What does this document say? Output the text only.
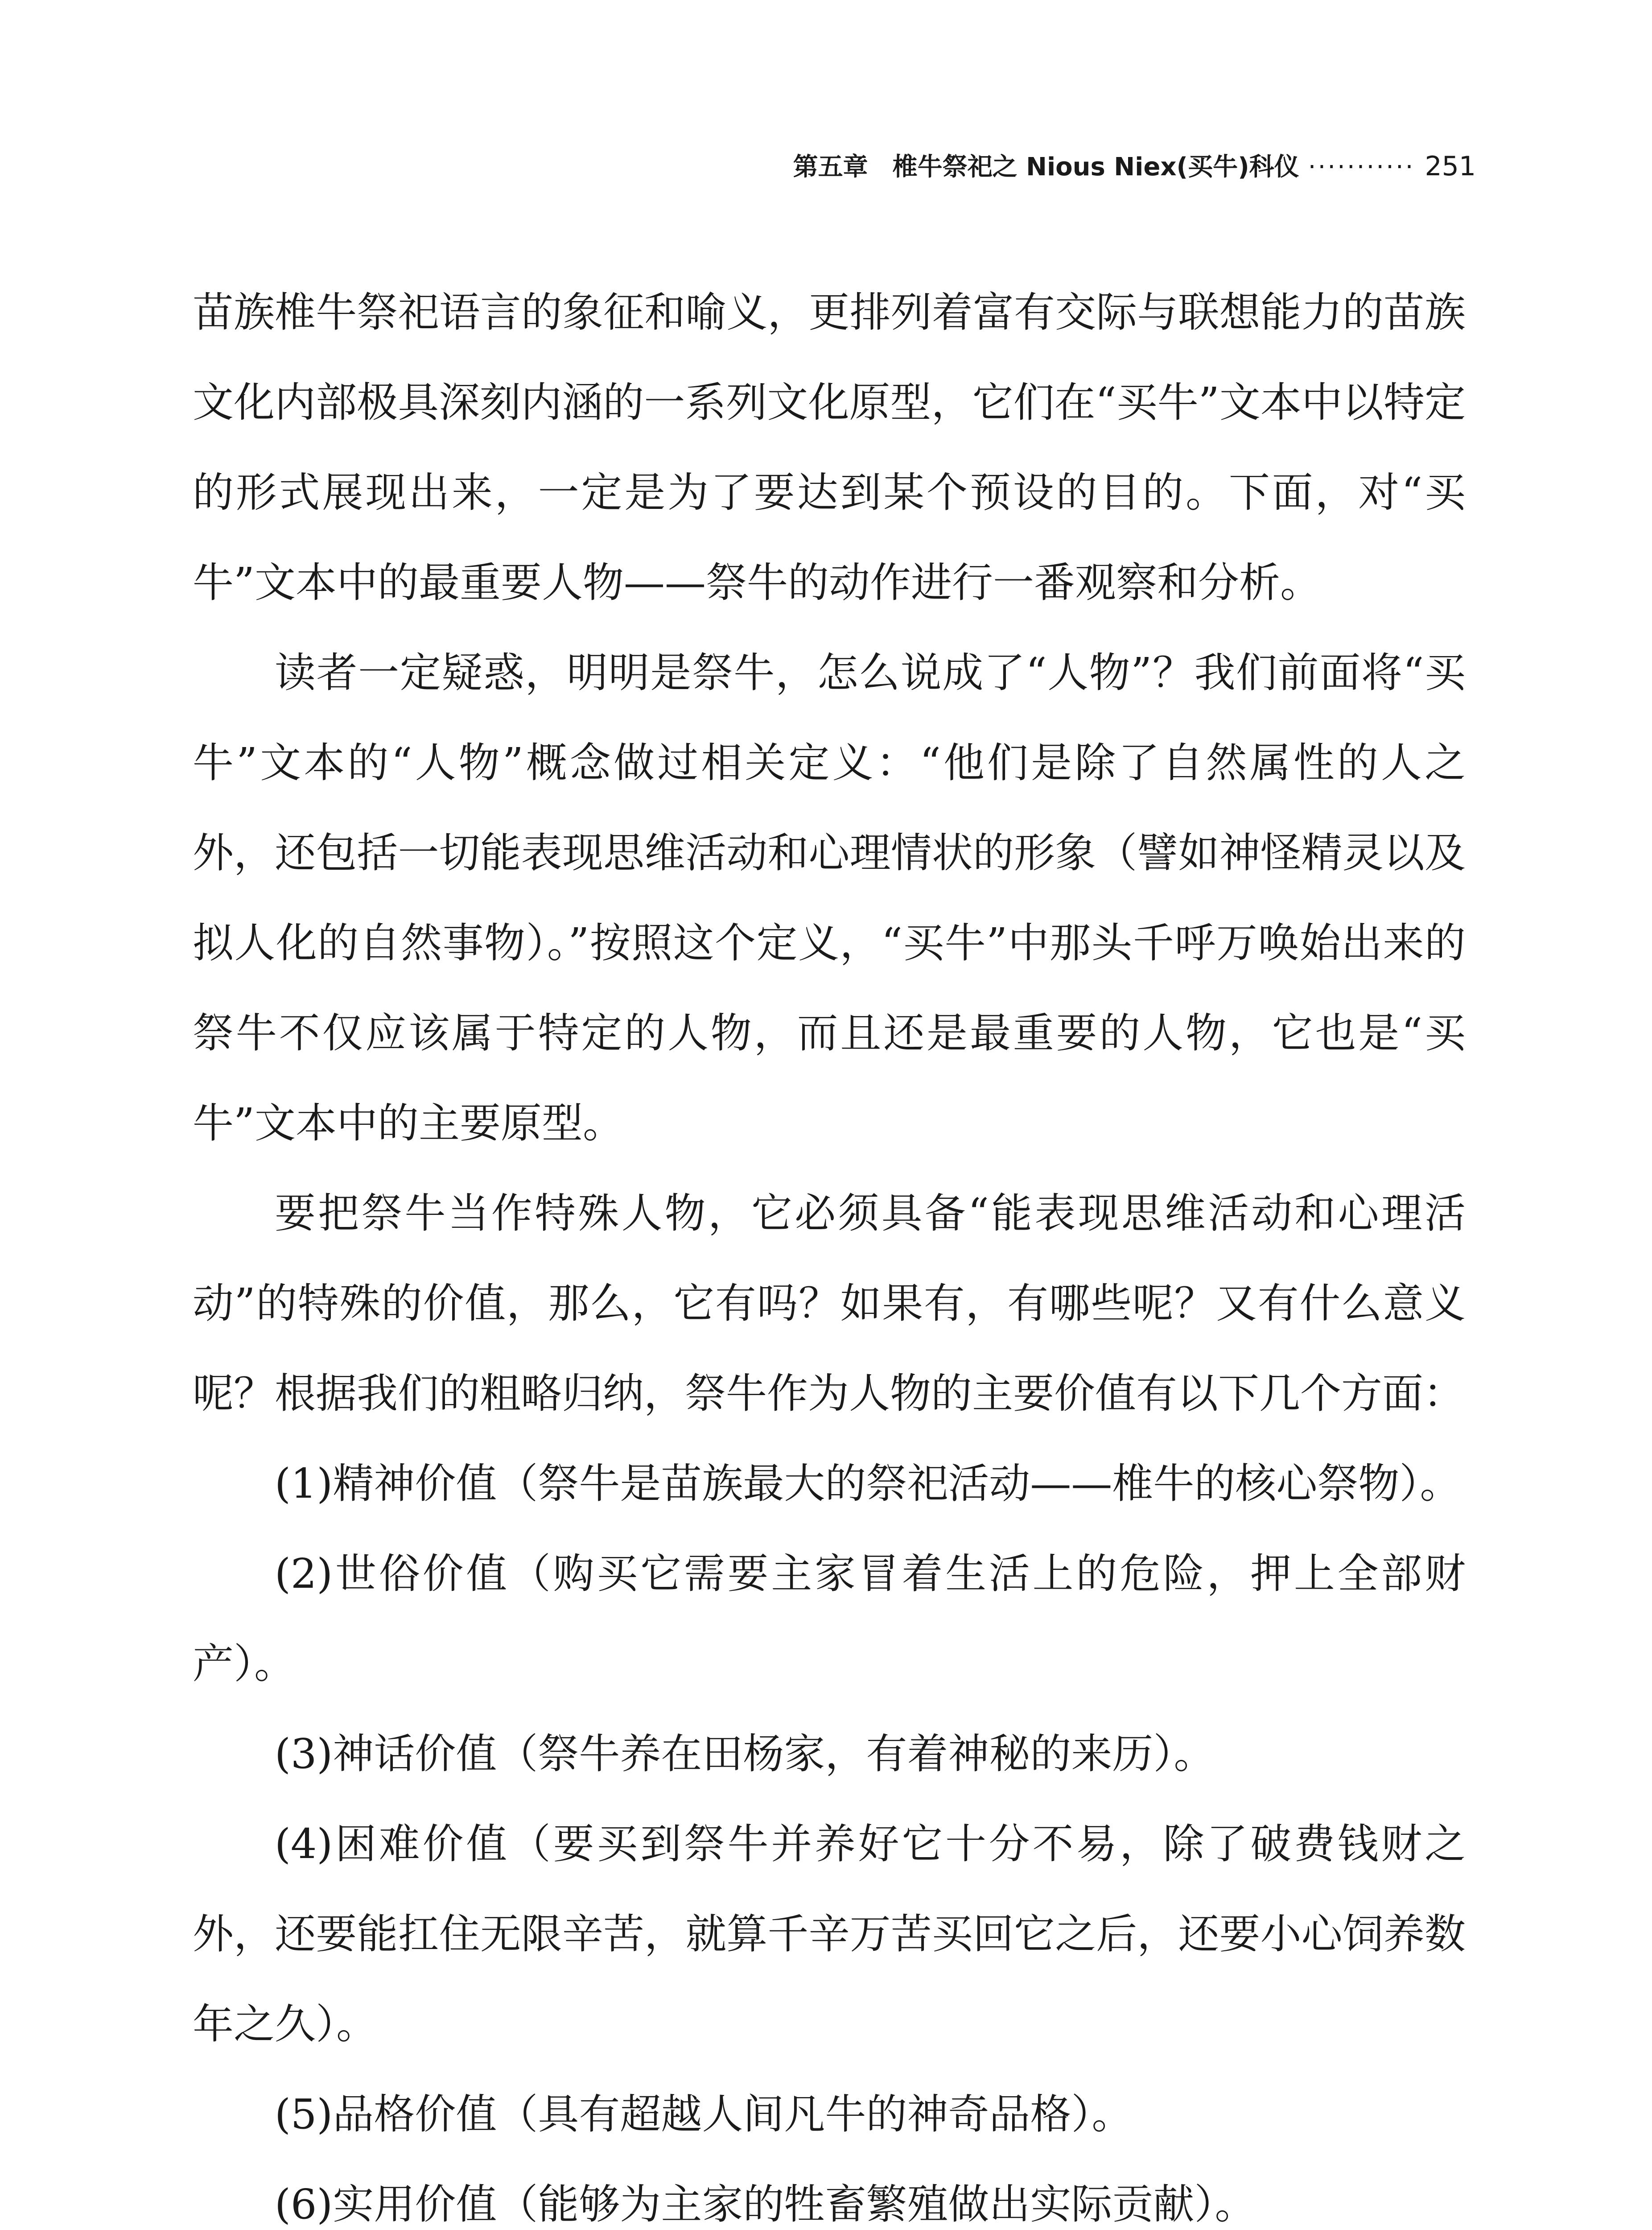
第五章 椎牛祭祀之 Nious Niex(买牛)科仪 ··········· 251

苗族椎牛祭祀语言的象征和喻义，更排列着富有交际与联想能力的苗族文化内部极具深刻内涵的一系列文化原型，它们在“买牛”文本中以特定的形式展现出来，一定是为了要达到某个预设的目的。下面，对“买牛”文本中的最重要人物——祭牛的动作进行一番观察和分析。

读者一定疑惑，明明是祭牛，怎么说成了“人物”？我们前面将“买牛”文本的“人物”概念做过相关定义：“他们是除了自然属性的人之外，还包括一切能表现思维活动和心理情状的形象（譬如神怪精灵以及拟人化的自然事物）。”按照这个定义，“买牛”中那头千呼万唤始出来的祭牛不仅应该属于特定的人物，而且还是最重要的人物，它也是“买牛”文本中的主要原型。

要把祭牛当作特殊人物，它必须具备“能表现思维活动和心理活动”的特殊的价值，那么，它有吗？如果有，有哪些呢？又有什么意义呢？根据我们的粗略归纳，祭牛作为人物的主要价值有以下几个方面：

(1)精神价值（祭牛是苗族最大的祭祀活动——椎牛的核心祭物）。

(2)世俗价值（购买它需要主家冒着生活上的危险，押上全部财产）。

(3)神话价值（祭牛养在田杨家，有着神秘的来历）。

(4)困难价值（要买到祭牛并养好它十分不易，除了破费钱财之外，还要能扛住无限辛苦，就算千辛万苦买回它之后，还要小心饲养数年之久）。

(5)品格价值（具有超越人间凡牛的神奇品格）。

(6)实用价值（能够为主家的牲畜繁殖做出实际贡献）。
